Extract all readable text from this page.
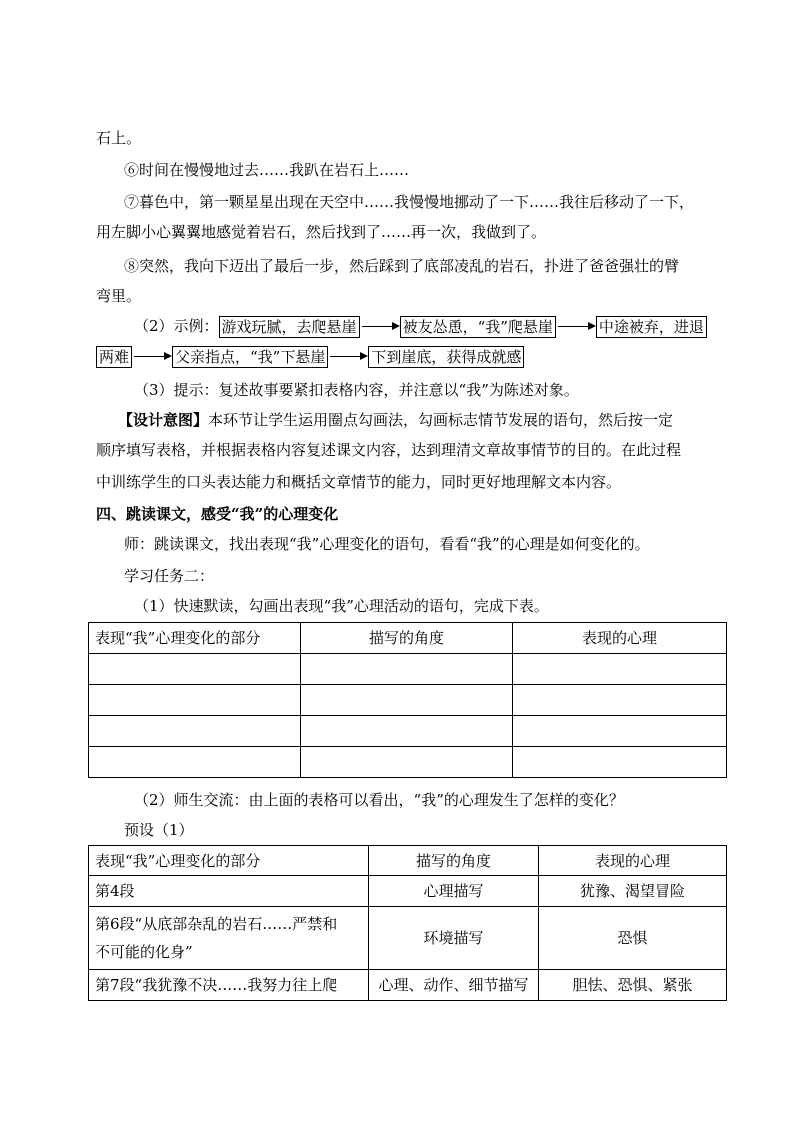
石上。
⑥时间在慢慢地过去……我趴在岩石上……
⑦暮色中，第一颗星星出现在天空中……我慢慢地挪动了一下……我往后移动了一下，
用左脚小心翼翼地感觉着岩石，然后找到了……再一次，我做到了。
⑧突然，我向下迈出了最后一步，然后踩到了底部凌乱的岩石，扑进了爸爸强壮的臂
弯里。
（2）示例： 游戏玩腻，去爬悬崖	被友怂恿，“我”爬悬崖	中途被弃，进退
两难	父亲指点，“我”下悬崖	下到崖底，获得成就感
（3）提示：复述故事要紧扣表格内容，并注意以“我”为陈述对象。
【设计意图】本环节让学生运用圈点勾画法，勾画标志情节发展的语句，然后按一定
顺序填写表格，并根据表格内容复述课文内容，达到理清文章故事情节的目的。在此过程
中训练学生的口头表达能力和概括文章情节的能力，同时更好地理解文本内容。
四、跳读课文，感受“我”的心理变化
师：跳读课文，找出表现“我”心理变化的语句，看看“我”的心理是如何变化的。
学习任务二：
（1）快速默读，勾画出表现“我”心理活动的语句，完成下表。
表现“我”心理变化的部分	描写的角度	表现的心理

（2）师生交流：由上面的表格可以看出，“我”的心理发生了怎样的变化？
预设（1）
表现“我”心理变化的部分	描写的角度	表现的心理
第4段	心理描写	犹豫、渴望冒险

第6段“从底部杂乱的岩石……严禁和
不可能的化身”	环境描写	恐惧
第7段“我犹豫不决……我努力往上爬	心理、动作、细节描写	胆怯、恐惧、紧张
